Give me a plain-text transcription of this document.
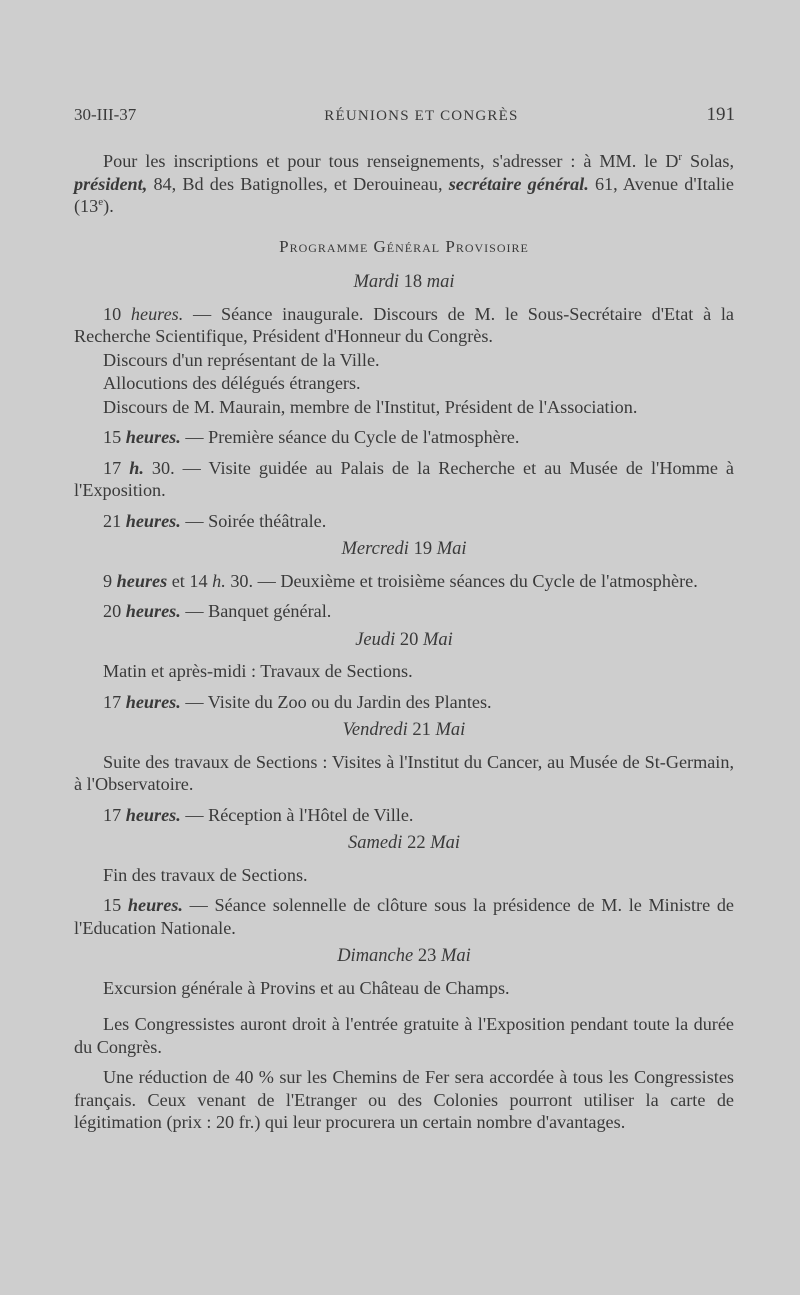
30-III-37	RÉUNIONS ET CONGRÈS	191

Pour les inscriptions et pour tous renseignements, s'adresser : à MM. le $D^r$ Solas, président, 84, Bd des Batignolles, et Derouineau, secrétaire général. 61, Avenue d'Italie (13e).

Programme Général Provisoire
Mardi 18 mai

10 heures. — Séance inaugurale. Discours de M. le Sous-Secrétaire d'Etat à la Recherche Scientifique, Président d'Honneur du Congrès.

Discours d'un représentant de la Ville.

Allocutions des délégués étrangers.

Discours de M. Maurain, membre de l'Institut, Président de l'Association.

15 heures. — Première séance du Cycle de l'atmosphère.

17 h. 30. — Visite guidée au Palais de la Recherche et au Musée de l'Homme à l'Exposition.

21 heures. — Soirée théâtrale.

Mercredi 19 Mai

9 heures et 14 h. 30. — Deuxième et troisième séances du Cycle de l'atmosphère.

20 heures. — Banquet général.

Jeudi 20 Mai

Matin et après-midi : Travaux de Sections.

17 heures. — Visite du Zoo ou du Jardin des Plantes.

Vendredi 21 Mai

Suite des travaux de Sections : Visites à l'Institut du Cancer, au Musée de St-Germain, à l'Observatoire.

17 heures. — Réception à l'Hôtel de Ville.

Samedi 22 Mai

Fin des travaux de Sections.

15 heures. — Séance solennelle de clôture sous la présidence de M. le Ministre de l'Education Nationale.

Dimanche 23 Mai

Excursion générale à Provins et au Château de Champs.

Les Congressistes auront droit à l'entrée gratuite à l'Exposition pendant toute la durée du Congrès.

Une réduction de 40 % sur les Chemins de Fer sera accordée à tous les Congressistes français. Ceux venant de l'Etranger ou des Colonies pourront utiliser la carte de légitimation (prix : 20 fr.) qui leur procurera un certain nombre d'avantages.
